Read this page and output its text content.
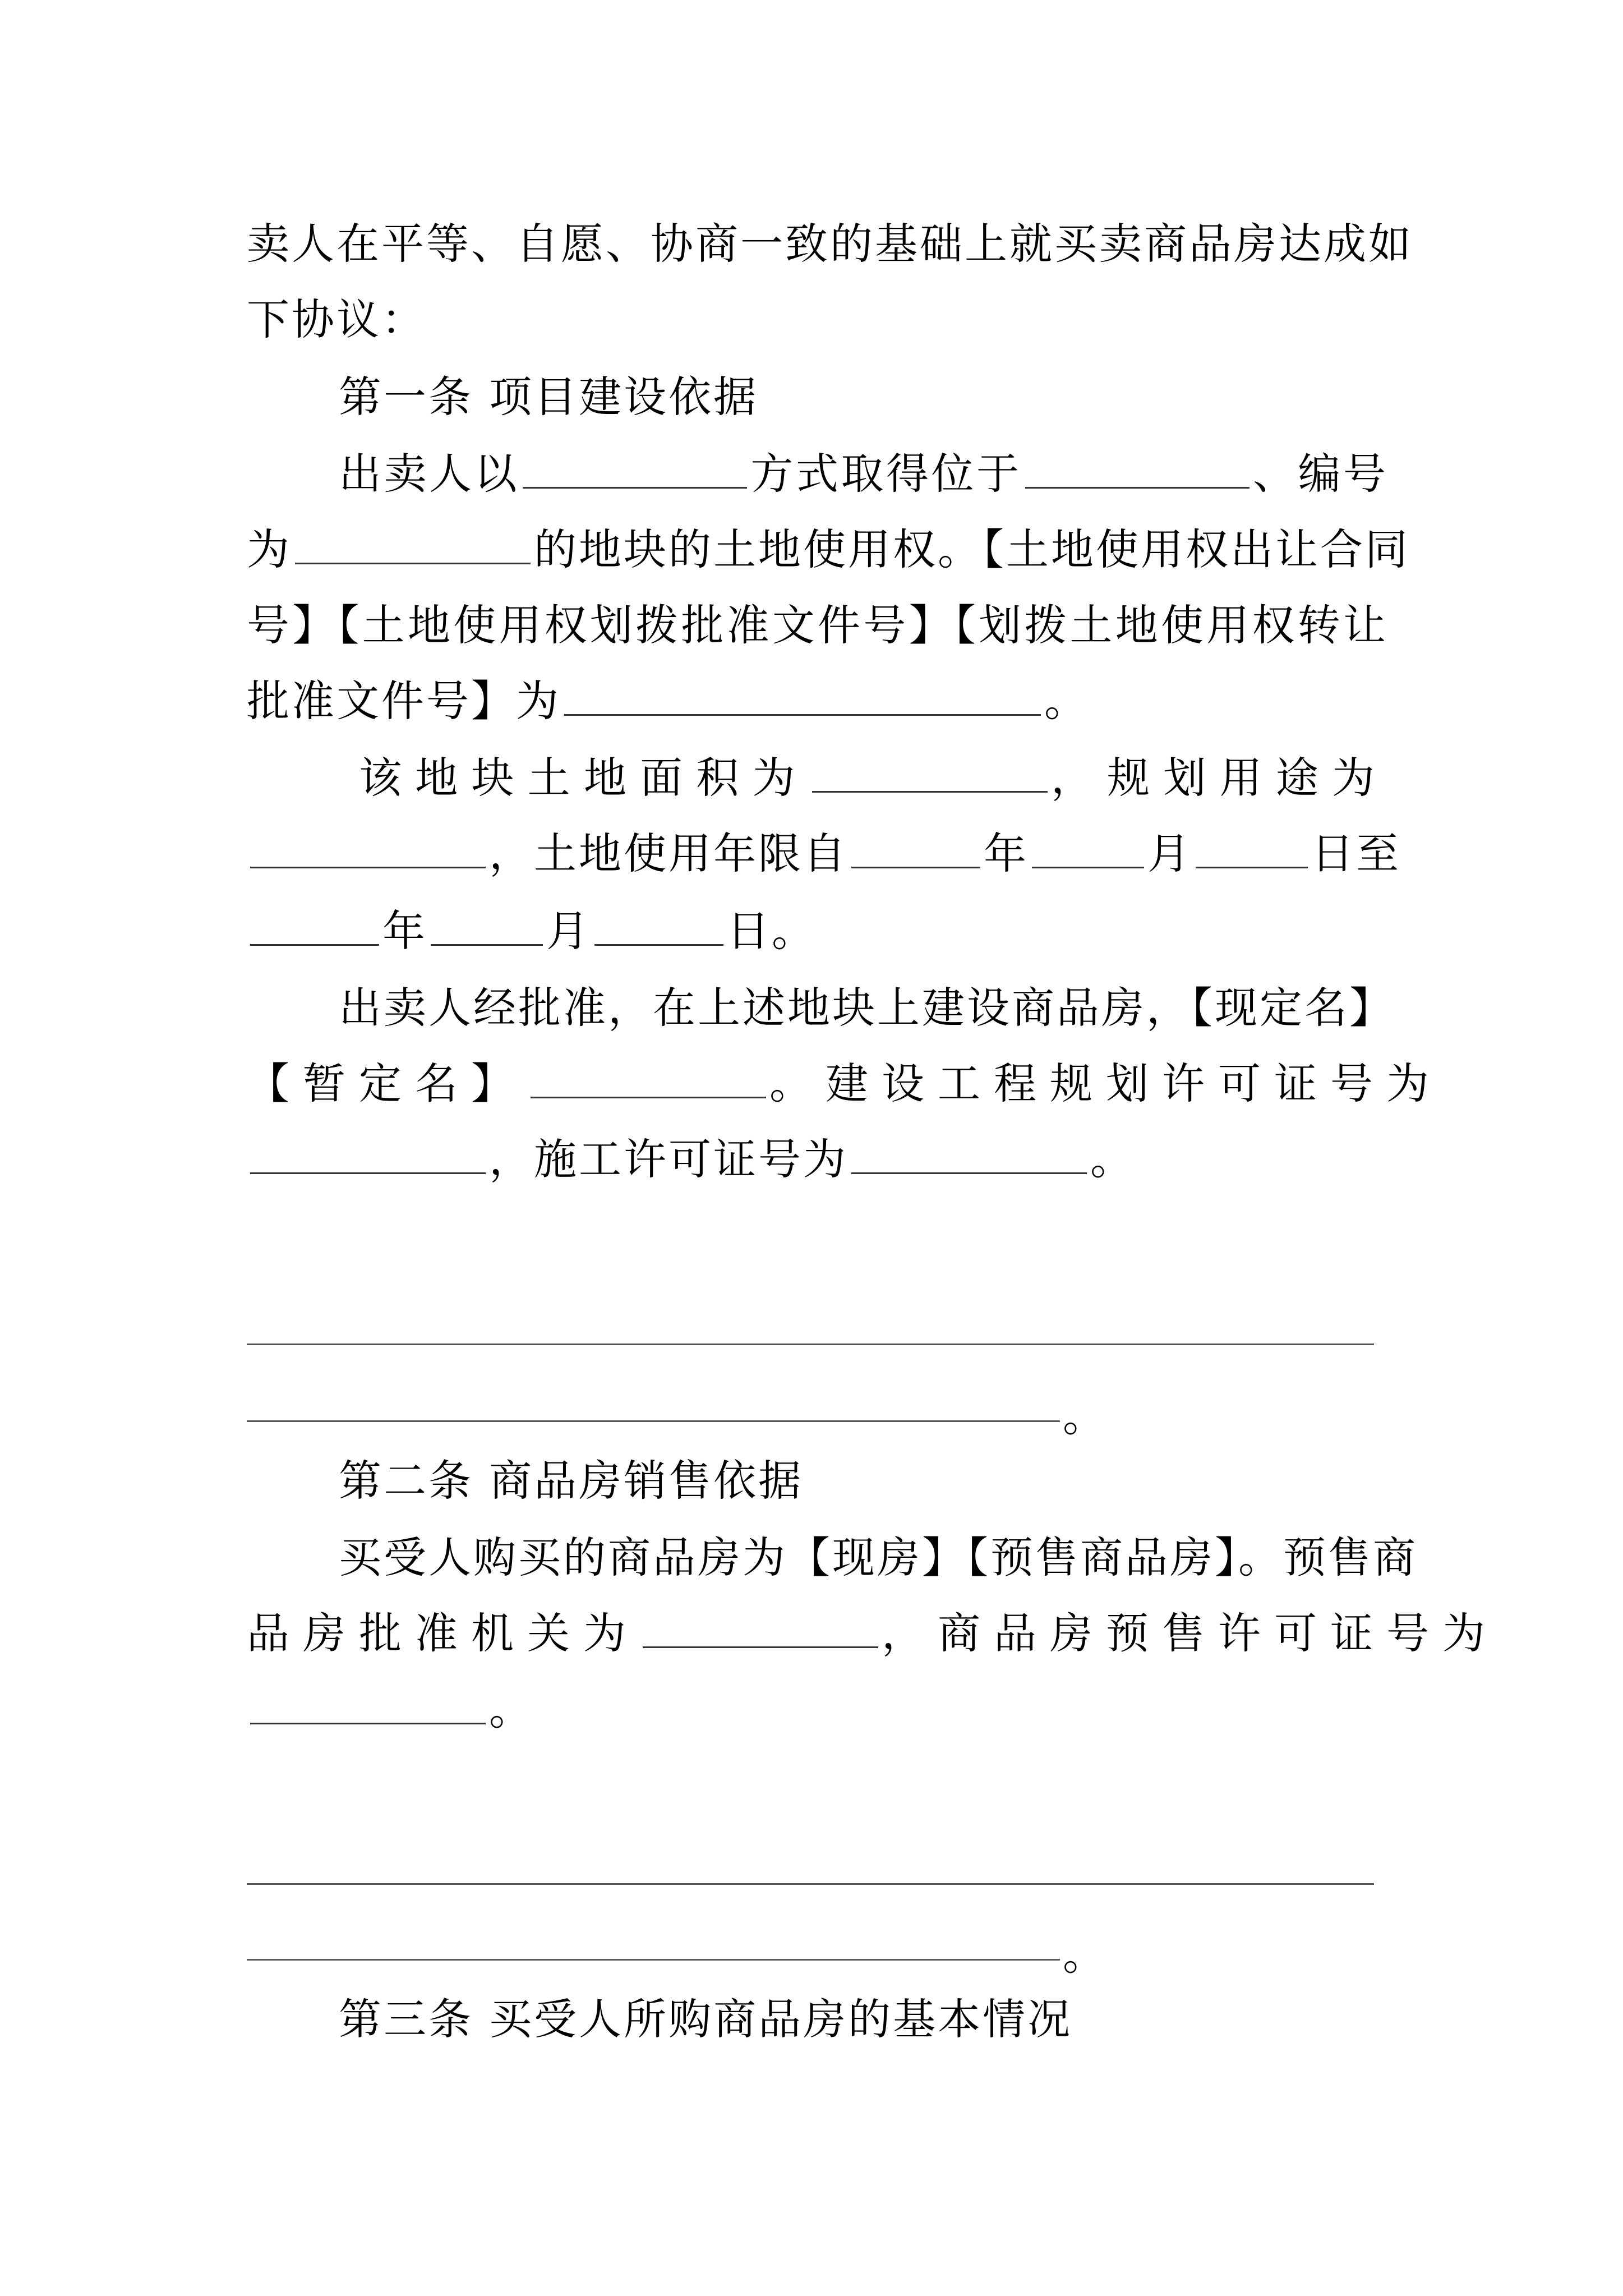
卖人在平等、自愿、协商一致的基础上就买卖商品房达成如
下协议：
第一条 项目建设依据
出卖人以	方式取得位于	、编号
为	的地块的土地使用权。【土地使用权出让合同
号】【土地使用权划拨批准文件号】【划拨土地使用权转让
批准文件号】为	。
该地块土地面积为	，规划用途为
，土地使用年限自	年	月	日至
年	月	日。
出卖人经批准，在上述地块上建设商品房，【现定名】
【暂定名】	。建设工程规划许可证号为
，施工许可证号为	。
。
第二条 商品房销售依据
买受人购买的商品房为【现房】【预售商品房】。预售商
品房批准机关为	，商品房预售许可证号为
。
。
第三条 买受人所购商品房的基本情况
